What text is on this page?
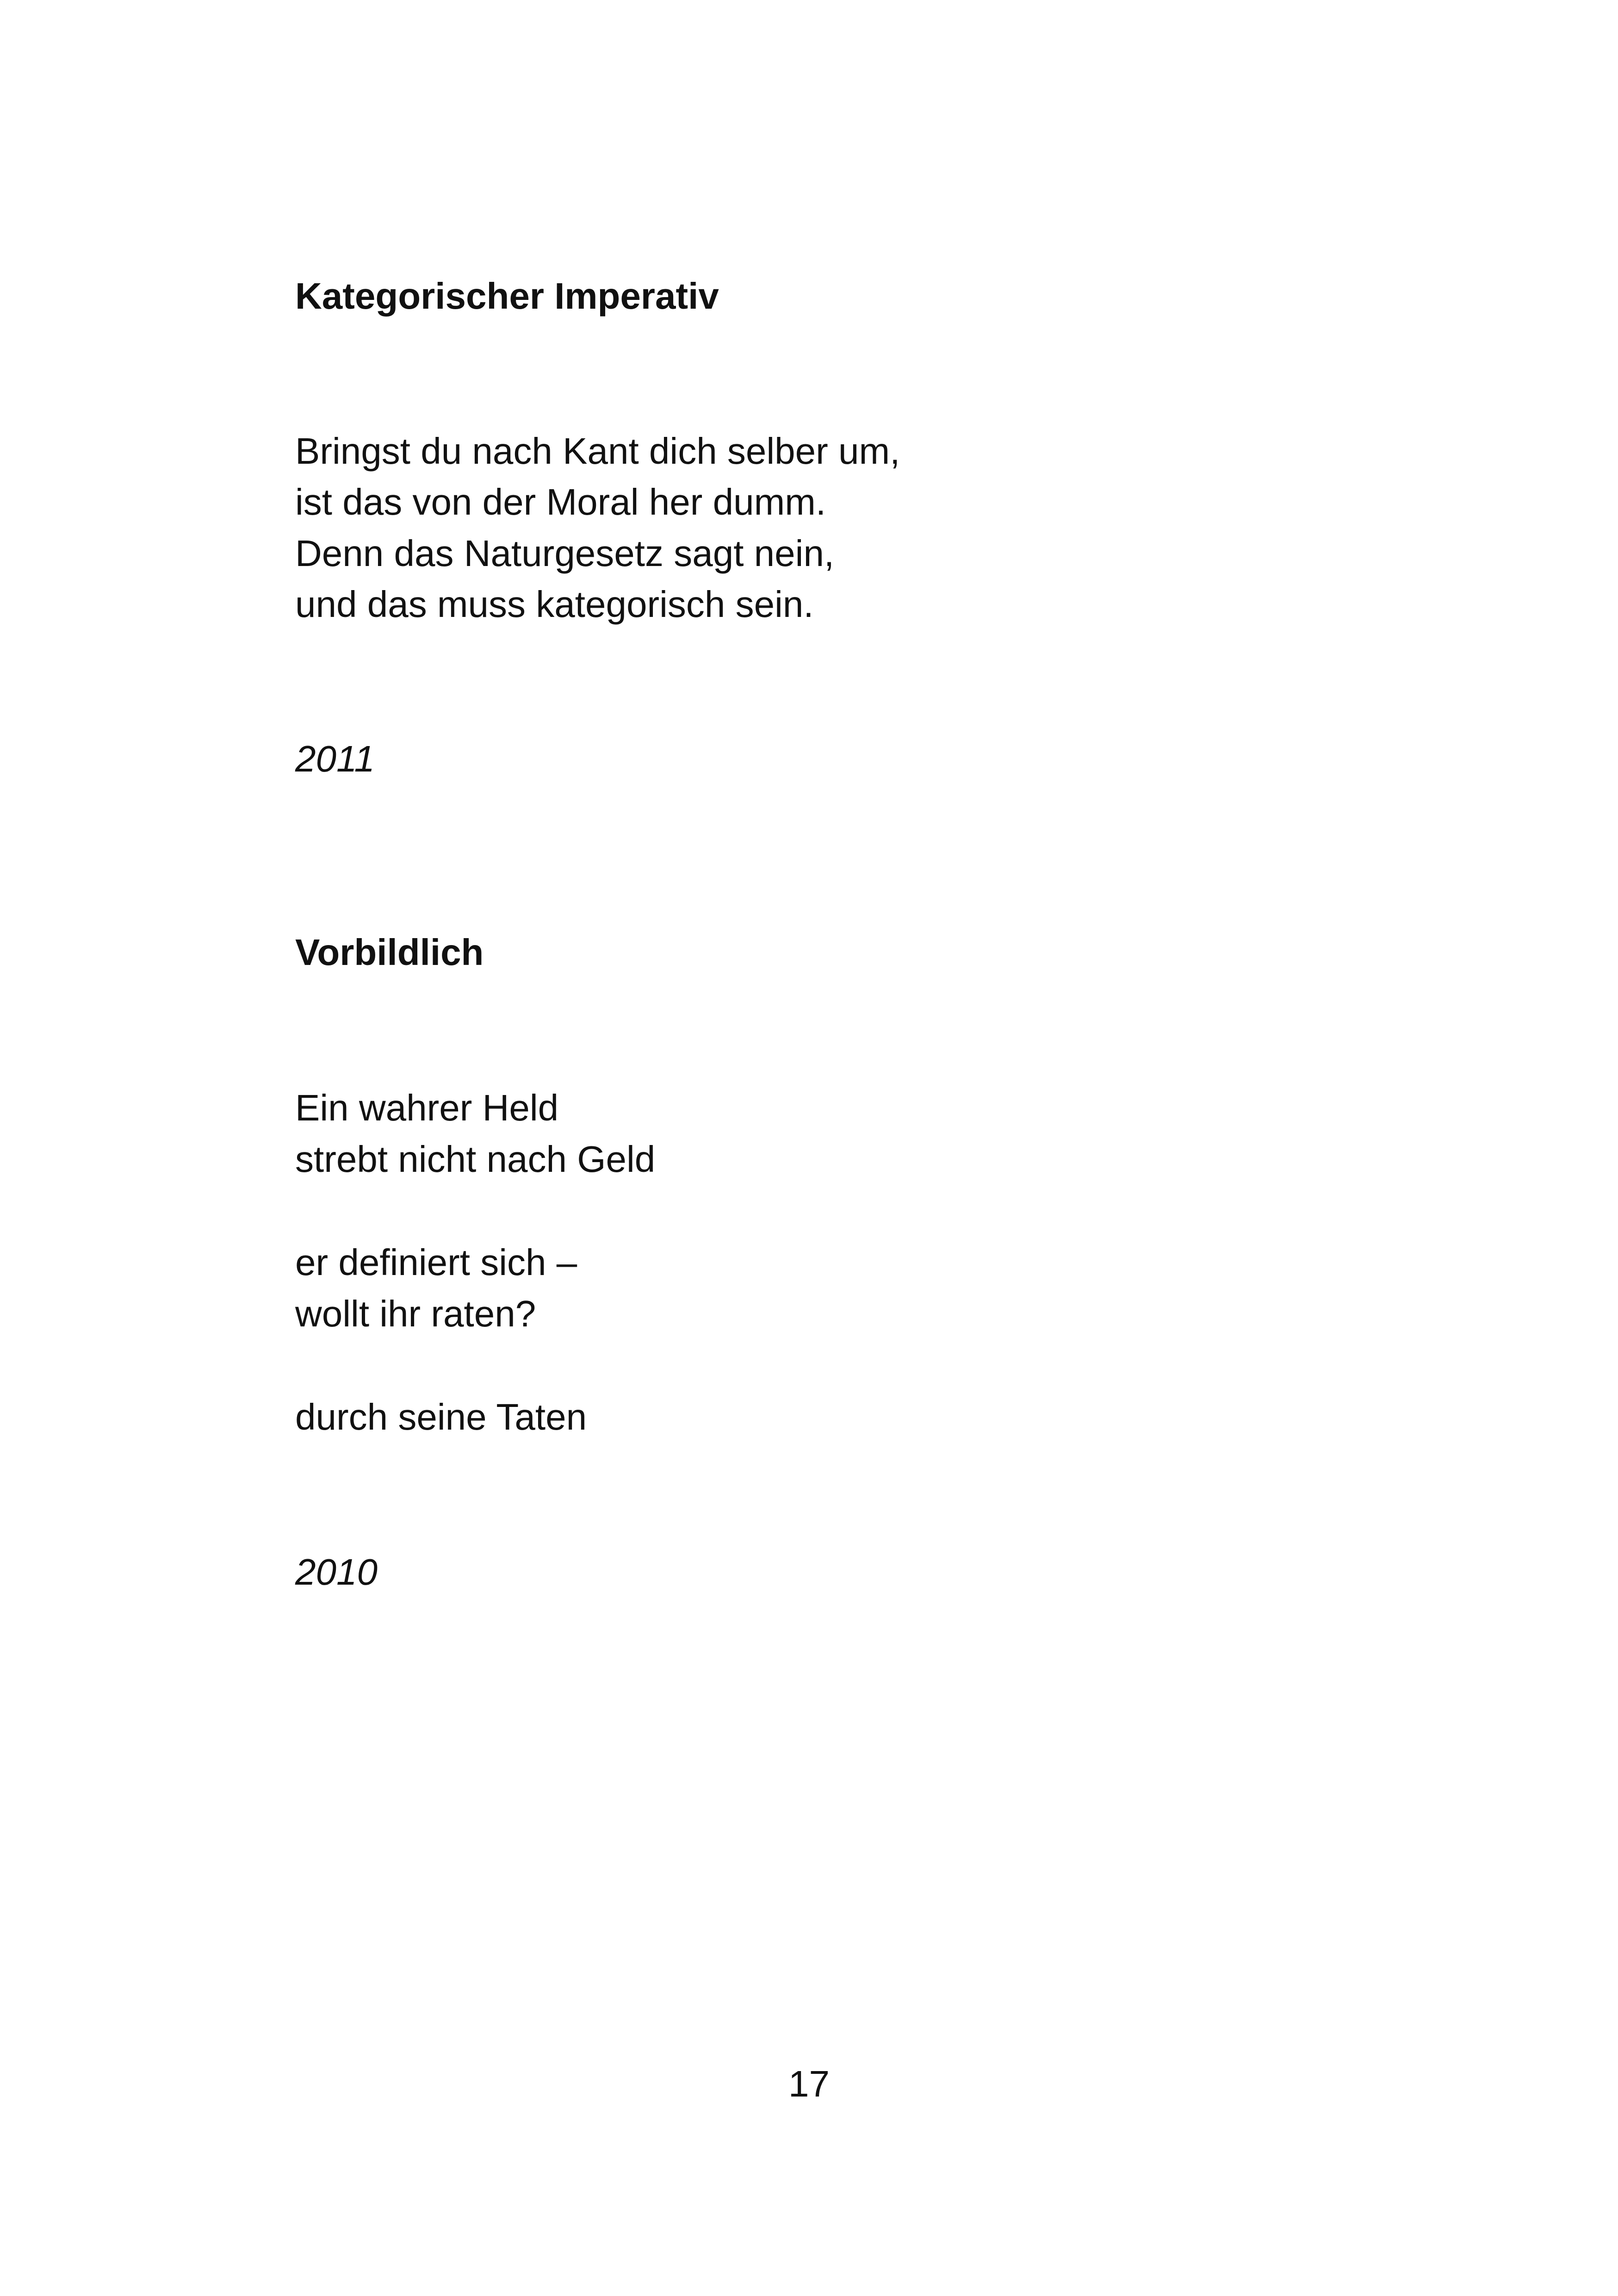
Kategorischer Imperativ
Bringst du nach Kant dich selber um,
ist das von der Moral her dumm.
Denn das Naturgesetz sagt nein,
und das muss kategorisch sein.
2011
Vorbildlich
Ein wahrer Held
strebt nicht nach Geld
er definiert sich –
wollt ihr raten?
durch seine Taten
2010
17
